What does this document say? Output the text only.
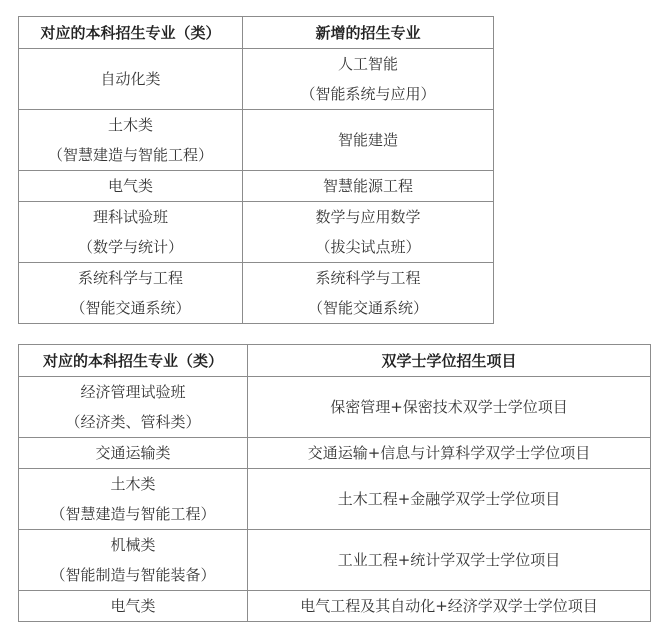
对应的本科招生专业（类）	新增的招生专业

自动化类	人工智能
（智能系统与应用）

土木类
（智慧建造与智能工程）	智能建造

电气类	智慧能源工程

理科试验班
（数学与统计）	数学与应用数学
（拔尖试点班）

系统科学与工程
（智能交通系统）	系统科学与工程
（智能交通系统）
对应的本科招生专业（类）	双学士学位招生项目

经济管理试验班
（经济类、管科类）	保密管理+保密技术双学士学位项目

交通运输类	交通运输+信息与计算科学双学士学位项目

土木类
（智慧建造与智能工程）	土木工程+金融学双学士学位项目

机械类
（智能制造与智能装备）	工业工程+统计学双学士学位项目

电气类	电气工程及其自动化+经济学双学士学位项目
